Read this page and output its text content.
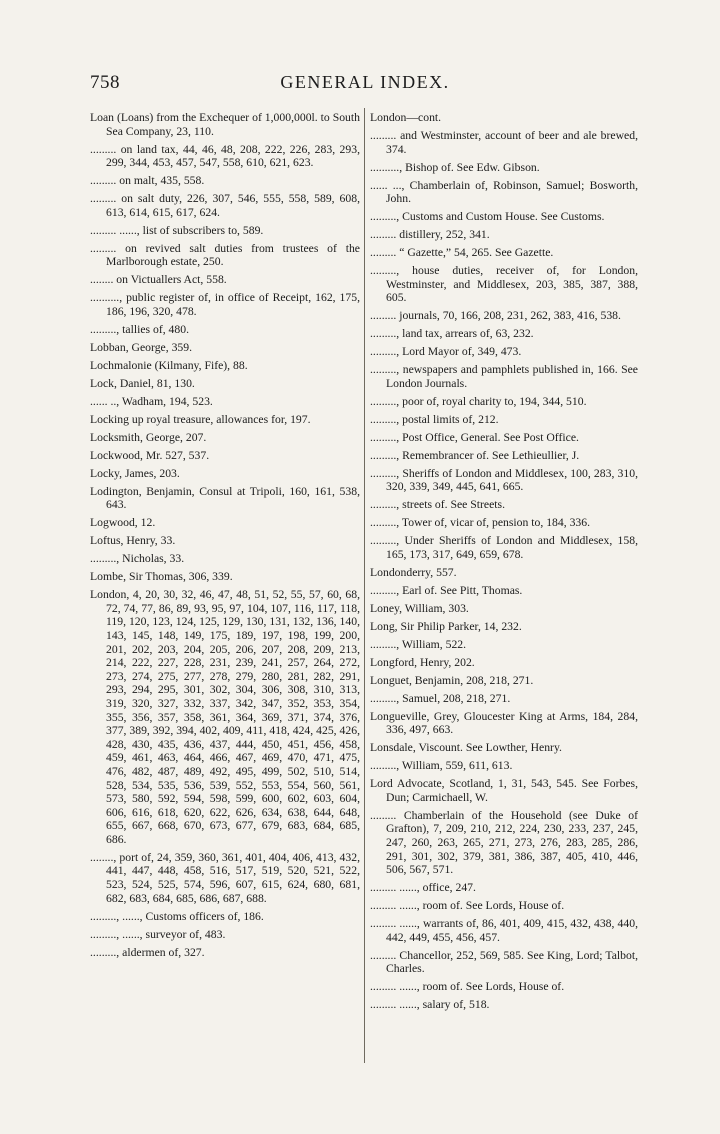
758	GENERAL INDEX.

Loan (Loans) from the Exchequer of 1,000,000l. to South Sea Company, 23, 110.

......... on land tax, 44, 46, 48, 208, 222, 226, 283, 293, 299, 344, 453, 457, 547, 558, 610, 621, 623.

......... on malt, 435, 558.

......... on salt duty, 226, 307, 546, 555, 558, 589, 608, 613, 614, 615, 617, 624.

......... ......, list of subscribers to, 589.

......... on revived salt duties from trustees of the Marlborough estate, 250.

........ on Victuallers Act, 558.

.........., public register of, in office of Receipt, 162, 175, 186, 196, 320, 478.

........., tallies of, 480.

Lobban, George, 359.

Lochmalonie (Kilmany, Fife), 88.

Lock, Daniel, 81, 130.

...... .., Wadham, 194, 523.

Locking up royal treasure, allowances for, 197.

Locksmith, George, 207.

Lockwood, Mr. 527, 537.

Locky, James, 203.

Lodington, Benjamin, Consul at Tripoli, 160, 161, 538, 643.

Logwood, 12.

Loftus, Henry, 33.

........., Nicholas, 33.

Lombe, Sir Thomas, 306, 339.

London, 4, 20, 30, 32, 46, 47, 48, 51, 52, 55, 57, 60, 68, 72, 74, 77, 86, 89, 93, 95, 97, 104, 107, 116, 117, 118, 119, 120, 123, 124, 125, 129, 130, 131, 132, 136, 140, 143, 145, 148, 149, 175, 189, 197, 198, 199, 200, 201, 202, 203, 204, 205, 206, 207, 208, 209, 213, 214, 222, 227, 228, 231, 239, 241, 257, 264, 272, 273, 274, 275, 277, 278, 279, 280, 281, 282, 291, 293, 294, 295, 301, 302, 304, 306, 308, 310, 313, 319, 320, 327, 332, 337, 342, 347, 352, 353, 354, 355, 356, 357, 358, 361, 364, 369, 371, 374, 376, 377, 389, 392, 394, 402, 409, 411, 418, 424, 425, 426, 428, 430, 435, 436, 437, 444, 450, 451, 456, 458, 459, 461, 463, 464, 466, 467, 469, 470, 471, 475, 476, 482, 487, 489, 492, 495, 499, 502, 510, 514, 528, 534, 535, 536, 539, 552, 553, 554, 560, 561, 573, 580, 592, 594, 598, 599, 600, 602, 603, 604, 606, 616, 618, 620, 622, 626, 634, 638, 644, 648, 655, 667, 668, 670, 673, 677, 679, 683, 684, 685, 686.

........, port of, 24, 359, 360, 361, 401, 404, 406, 413, 432, 441, 447, 448, 458, 516, 517, 519, 520, 521, 522, 523, 524, 525, 574, 596, 607, 615, 624, 680, 681, 682, 683, 684, 685, 686, 687, 688.

........., ......, Customs officers of, 186.

........., ......, surveyor of, 483.

........., aldermen of, 327.

London—cont.

......... and Westminster, account of beer and ale brewed, 374.

.........., Bishop of. See Edw. Gibson.

...... ..., Chamberlain of, Robinson, Samuel; Bosworth, John.

........., Customs and Custom House. See Customs.

......... distillery, 252, 341.

......... “ Gazette,” 54, 265. See Gazette.

........., house duties, receiver of, for London, Westminster, and Middlesex, 203, 385, 387, 388, 605.

......... journals, 70, 166, 208, 231, 262, 383, 416, 538.

........., land tax, arrears of, 63, 232.

........., Lord Mayor of, 349, 473.

........., newspapers and pamphlets published in, 166. See London Journals.

........., poor of, royal charity to, 194, 344, 510.

........., postal limits of, 212.

........., Post Office, General. See Post Office.

........., Remembrancer of. See Lethieullier, J.

........., Sheriffs of London and Middlesex, 100, 283, 310, 320, 339, 349, 445, 641, 665.

........., streets of. See Streets.

........., Tower of, vicar of, pension to, 184, 336.

........., Under Sheriffs of London and Middlesex, 158, 165, 173, 317, 649, 659, 678.

Londonderry, 557.

........., Earl of. See Pitt, Thomas.

Loney, William, 303.

Long, Sir Philip Parker, 14, 232.

........., William, 522.

Longford, Henry, 202.

Longuet, Benjamin, 208, 218, 271.

........., Samuel, 208, 218, 271.

Longueville, Grey, Gloucester King at Arms, 184, 284, 336, 497, 663.

Lonsdale, Viscount. See Lowther, Henry.

........., William, 559, 611, 613.

Lord Advocate, Scotland, 1, 31, 543, 545. See Forbes, Dun; Carmichaell, W.

......... Chamberlain of the Household (see Duke of Grafton), 7, 209, 210, 212, 224, 230, 233, 237, 245, 247, 260, 263, 265, 271, 273, 276, 283, 285, 286, 291, 301, 302, 379, 381, 386, 387, 405, 410, 446, 506, 567, 571.

......... ......, office, 247.

......... ......, room of. See Lords, House of.

......... ......, warrants of, 86, 401, 409, 415, 432, 438, 440, 442, 449, 455, 456, 457.

......... Chancellor, 252, 569, 585. See King, Lord; Talbot, Charles.

......... ......, room of. See Lords, House of.

......... ......, salary of, 518.
